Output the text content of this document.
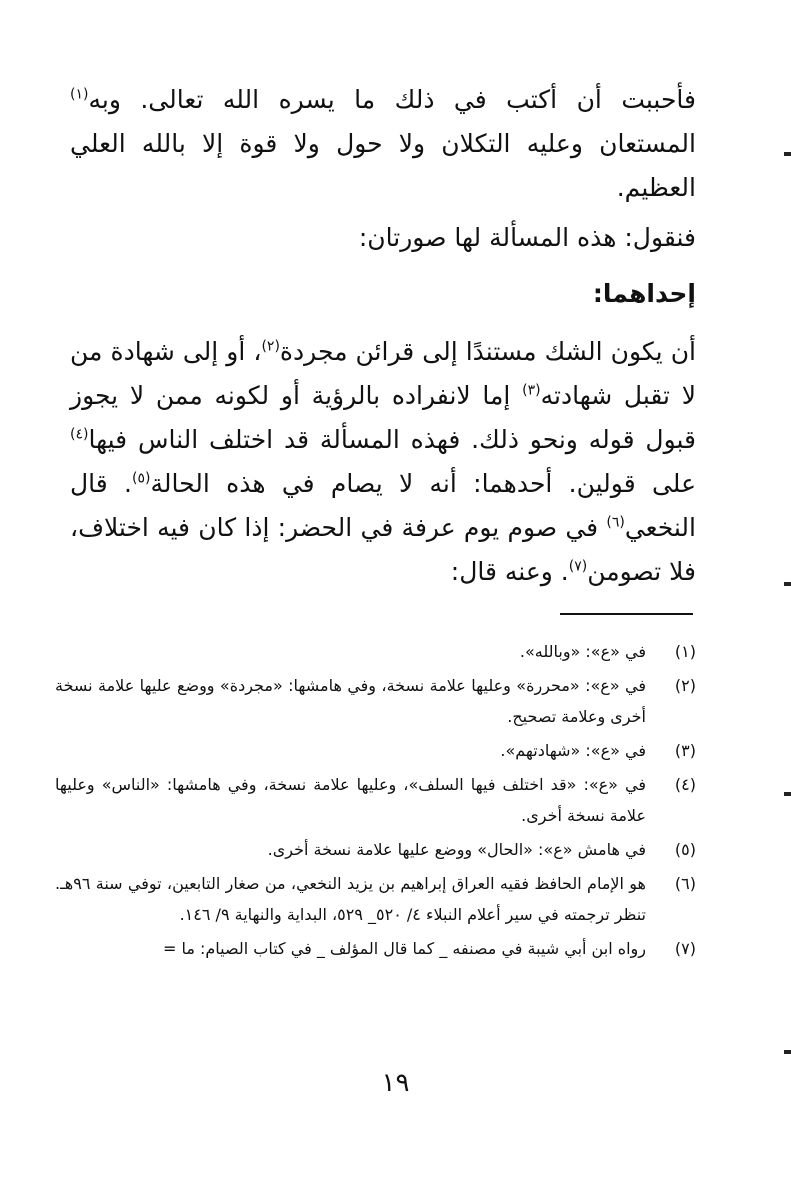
فأحببت أن أكتب في ذلك ما يسره الله تعالى. وبه$^{(١)}$ المستعان وعليه التكلان ولا حول ولا قوة إلا بالله العلي العظيم.

فنقول: هذه المسألة لها صورتان:

إحداهما:

أن يكون الشك مستندًا إلى قرائن مجردة$^{(٢)}$، أو إلى شهادة من لا تقبل شهادته$^{(٣)}$ إما لانفراده بالرؤية أو لكونه ممن لا يجوز قبول قوله ونحو ذلك. فهذه المسألة قد اختلف الناس فيها$^{(٤)}$ على قولين. أحدهما: أنه لا يصام في هذه الحالة$^{(٥)}$. قال النخعي$^{(٦)}$ في صوم يوم عرفة في الحضر: إذا كان فيه اختلاف، فلا تصومن$^{(٧)}$. وعنه قال:

(١)
في «ع»: «وبالله».
(٢)
في «ع»: «محررة» وعليها علامة نسخة، وفي هامشها: «مجردة» ووضع عليها علامة نسخة أخرى وعلامة تصحيح.
(٣)
في «ع»: «شهادتهم».
(٤)
في «ع»: «قد اختلف فيها السلف»، وعليها علامة نسخة، وفي هامشها: «الناس» وعليها علامة نسخة أخرى.
(٥)
في هامش «ع»: «الحال» ووضع عليها علامة نسخة أخرى.
(٦)
هو الإمام الحافظ فقيه العراق إبراهيم بن يزيد النخعي، من صغار التابعين، توفي سنة ٩٦هـ. تنظر ترجمته في سير أعلام النبلاء ٤/ ٥٢٠_ ٥٢٩، البداية والنهاية ٩/ ١٤٦.
(٧)
رواه ابن أبي شيبة في مصنفه _ كما قال المؤلف _ في كتاب الصيام: ما =
١٩
